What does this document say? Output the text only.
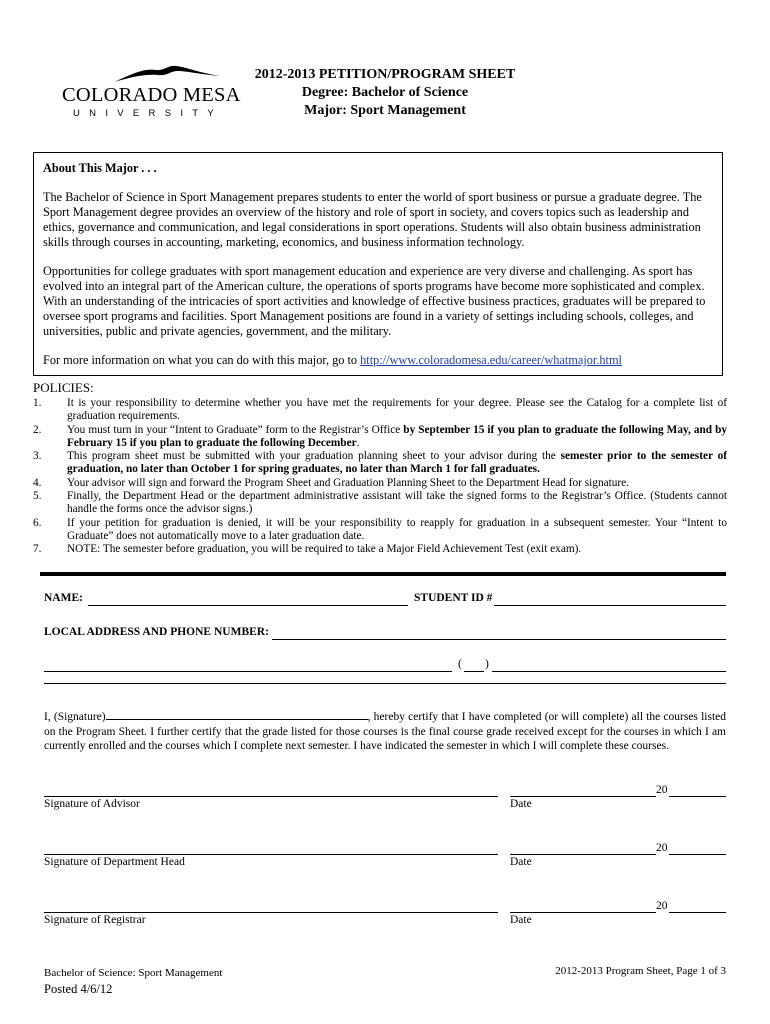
COLORADO MESA
UNIVERSITY
2012-2013 PETITION/PROGRAM SHEET
Degree: Bachelor of Science
Major: Sport Management

About This Major . . .

The Bachelor of Science in Sport Management prepares students to enter the world of sport business or pursue a graduate degree. The Sport Management degree provides an overview of the history and role of sport in society, and covers topics such as leadership and ethics, governance and communication, and legal considerations in sport operations. Students will also obtain business administration skills through courses in accounting, marketing, economics, and business information technology.

Opportunities for college graduates with sport management education and experience are very diverse and challenging. As sport has evolved into an integral part of the American culture, the operations of sports programs have become more sophisticated and complex. With an understanding of the intricacies of sport activities and knowledge of effective business practices, graduates will be prepared to oversee sport programs and facilities. Sport Management positions are found in a variety of settings including schools, colleges, and universities, public and private agencies, government, and the military.

For more information on what you can do with this major, go to http://www.coloradomesa.edu/career/whatmajor.html

POLICIES:
1.	It is your responsibility to determine whether you have met the requirements for your degree. Please see the Catalog for a complete list of graduation requirements.
2.	You must turn in your “Intent to Graduate” form to the Registrar’s Office by September 15 if you plan to graduate the following May, and by February 15 if you plan to graduate the following December.
3.	This program sheet must be submitted with your graduation planning sheet to your advisor during the semester prior to the semester of graduation, no later than October 1 for spring graduates, no later than March 1 for fall graduates.
4.	Your advisor will sign and forward the Program Sheet and Graduation Planning Sheet to the Department Head for signature.
5.	Finally, the Department Head or the department administrative assistant will take the signed forms to the Registrar’s Office. (Students cannot handle the forms once the advisor signs.)
6.	If your petition for graduation is denied, it will be your responsibility to reapply for graduation in a subsequent semester. Your “Intent to Graduate” does not automatically move to a later graduation date.
7.	NOTE: The semester before graduation, you will be required to take a Major Field Achievement Test (exit exam).
NAME:	STUDENT ID #
LOCAL ADDRESS AND PHONE NUMBER:
( )
I, (Signature)	, hereby certify that I have completed (or will complete) all the courses listed on the Program Sheet. I further certify that the grade listed for those courses is the final course grade received except for the courses in which I am currently enrolled and the courses which I complete next semester. I have indicated the semester in which I will complete these courses.
Signature of Advisor
20
Date
Signature of Department Head
20
Date
Signature of Registrar
20
Date
Bachelor of Science: Sport Management
Posted 4/6/12
2012-2013 Program Sheet, Page 1 of 3
